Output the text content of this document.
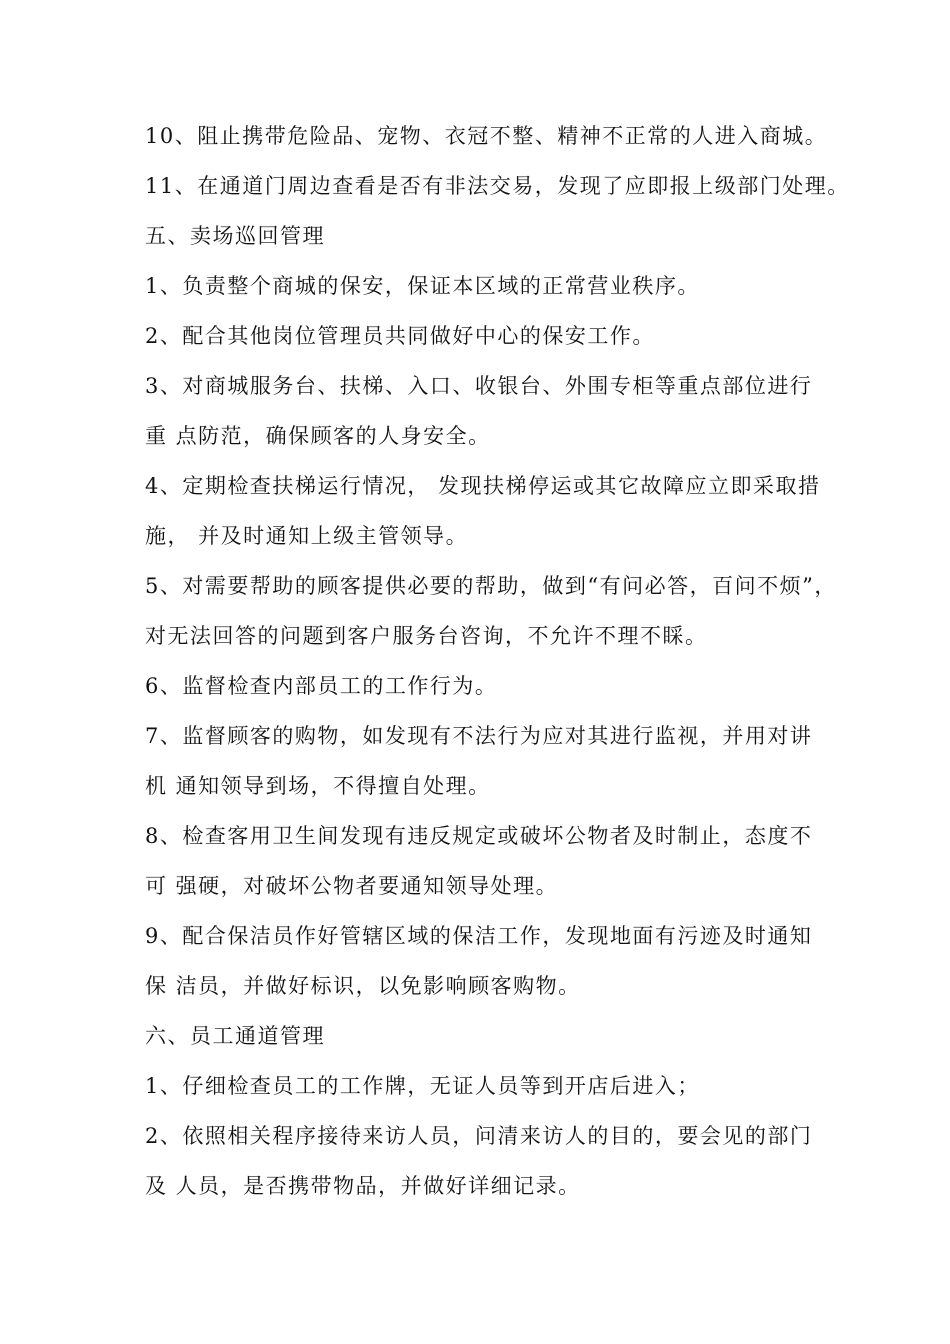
10、阻止携带危险品、宠物、衣冠不整、精神不正常的人进入商城。
11、在通道门周边查看是否有非法交易，发现了应即报上级部门处理。
五、卖场巡回管理
1、负责整个商城的保安，保证本区域的正常营业秩序。
2、配合其他岗位管理员共同做好中心的保安工作。
3、对商城服务台、扶梯、入口、收银台、外围专柜等重点部位进行
重 点防范，确保顾客的人身安全。
4、定期检查扶梯运行情况， 发现扶梯停运或其它故障应立即采取措
施， 并及时通知上级主管领导。
5、对需要帮助的顾客提供必要的帮助，做到“有问必答，百问不烦”，
对无法回答的问题到客户服务台咨询，不允许不理不睬。
6、监督检查内部员工的工作行为。
7、监督顾客的购物，如发现有不法行为应对其进行监视，并用对讲
机 通知领导到场，不得擅自处理。
8、检查客用卫生间发现有违反规定或破坏公物者及时制止，态度不
可 强硬，对破坏公物者要通知领导处理。
9、配合保洁员作好管辖区域的保洁工作，发现地面有污迹及时通知
保 洁员，并做好标识，以免影响顾客购物。
六、员工通道管理
1、仔细检查员工的工作牌，无证人员等到开店后进入；
2、依照相关程序接待来访人员，问清来访人的目的，要会见的部门
及 人员，是否携带物品，并做好详细记录。
